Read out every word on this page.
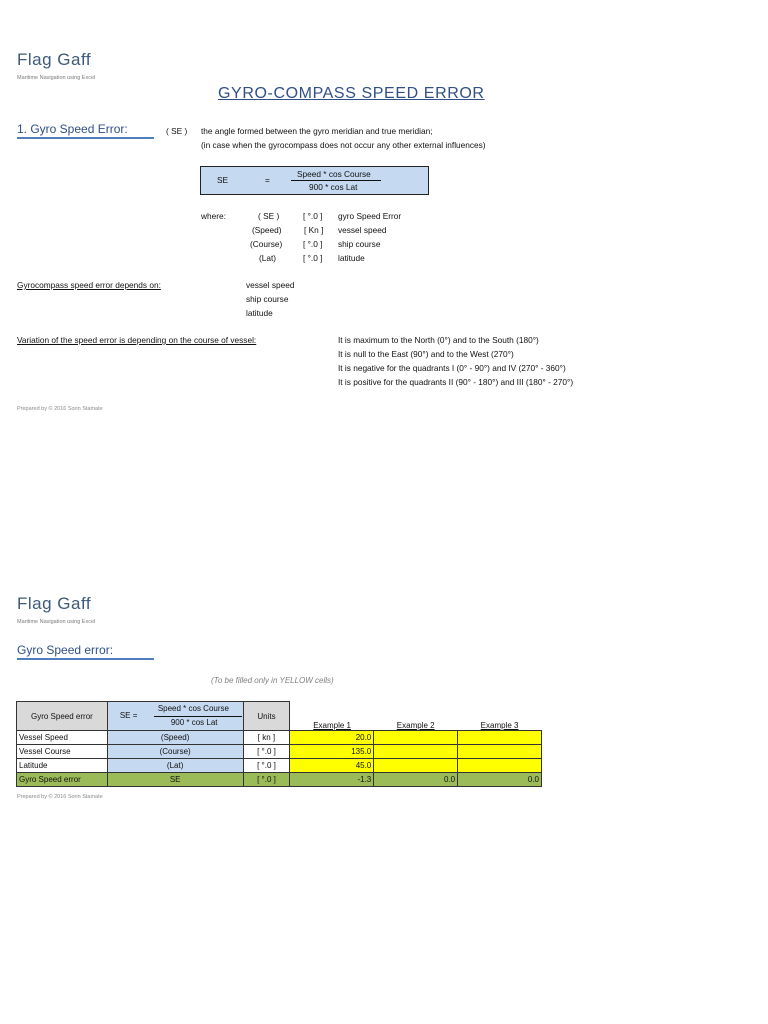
Flag Gaff
Maritime Navigation using Excel
GYRO-COMPASS SPEED ERROR
1. Gyro Speed Error:	( SE ) the angle formed between the gyro meridian and true meridian;
(in case when the gyrocompass does not occur any other external influences)
SE	=
Speed * cos Course
900 * cos Lat
where:	( SE )	[ °.0 ] gyro Speed Error
(Speed)	[ Kn ] vessel speed
(Course) [ °.0 ] ship course
(Lat)	[ °.0 ] latitude
Gyrocompass speed error depends on:	vessel speed
ship course
latitude
Variation of the speed error is depending on the course of vessel:	It is maximum to the North (0°) and to the South (180°)
It is null to the East (90°) and to the West (270°)
It is negative for the quadrants I (0° - 90°) and IV (270° - 360°)
It is positive for the quadrants II (90° - 180°) and III (180° - 270°)
Prepared by © 2016 Sorin Stamate
Flag Gaff
Maritime Navigation using Excel
Gyro Speed error:
(To be filled only in YELLOW cells)
Gyro Speed error	SE =
Speed * cos Course
900 * cos Lat	Units	Example 1	Example 2	Example 3
Vessel Speed	(Speed)	[ kn ]	20.0		
Vessel Course	(Course)	[ °.0 ]	135.0		
Latitude	(Lat)	[ °.0 ]	45.0		
Gyro Speed error	SE	[ °.0 ]	-1.3	0.0	0.0
Prepared by © 2016 Sorin Stamate
